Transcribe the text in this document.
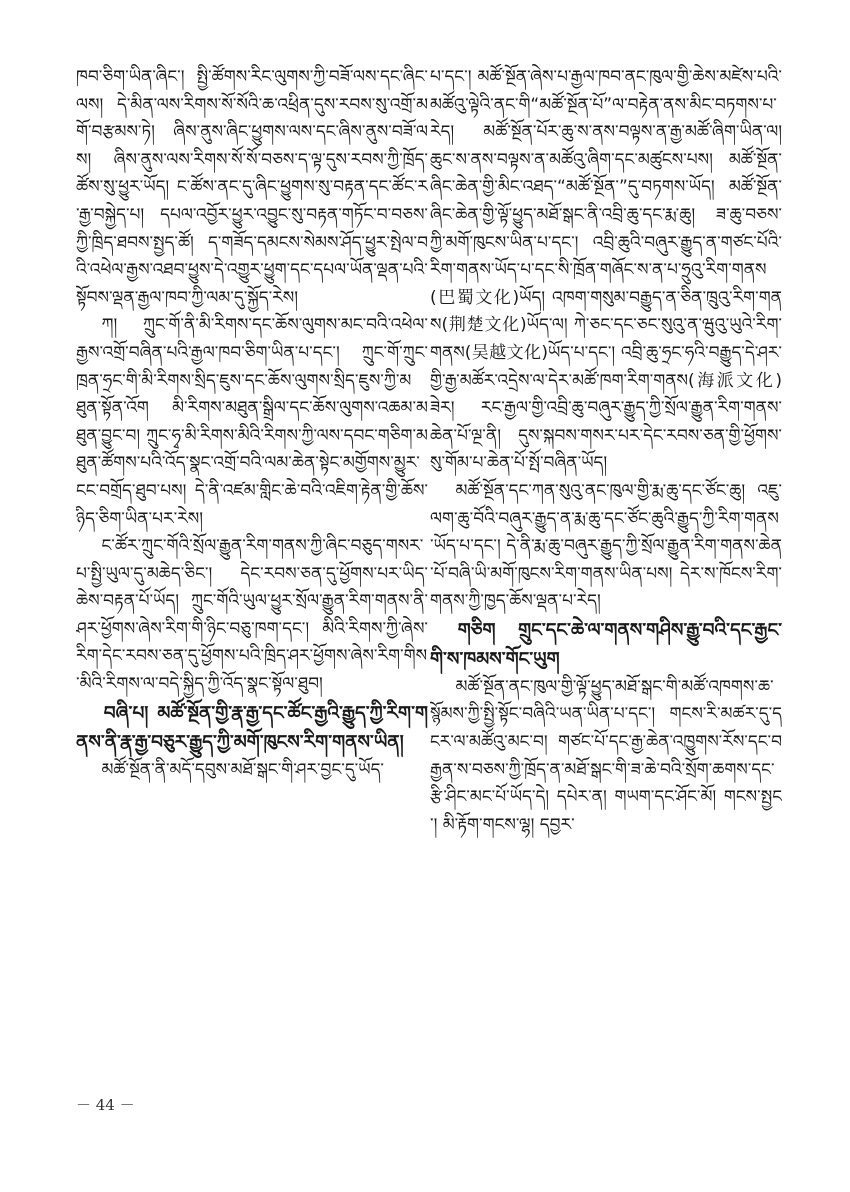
ཁབ་ཅིག་ཡིན་ཞིང་། སྤྱི་ཚོགས་རིང་ལུགས་ཀྱི་བཟོ་ལས་དང་ཞིང་ལས། དེ་མིན་ལས་རིགས་སོ་སོའི་ཆ་འཕྲིན་དུས་རབས་སུ་འགྲོ་མགོ་བརྩམས་ཏེ། ཞིས་ནུས་ཞིང་ཕྱུགས་ལས་དང་ཞིས་ནུས་བཟོ་ལས། ཞིས་ནུས་ལས་རིགས་སོ་སོ་བཅས་ད་ལྟ་དུས་རབས་ཀྱི་ཁྲོད་ཚོས་སུ་ཕྱུར་ཡོད། ང་ཚོས་ནང་དུ་ཞིང་ཕྱུགས་སུ་བརྟན་དང་ཚོང་ར་རྒྱ་བསྐྱེད་པ། དཔལ་འབྱོར་ཕྱུར་འབྱུང་སུ་བརྟན་གཏོང་བ་བཅས་ཀྱི་ཁྲིད་ཐབས་སྤྱད་ཚོ། ད་གཟོད་དམངས་སེམས་ཤོད་ཕྱུར་སྤེལ་བའི་འཕེལ་རྒྱས་འཐབ་ཕྱུས་དེ་འགྱུར་ཕྱུག་དང་དཔལ་ཡོན་ལྡན་པའི་སྟོབས་ལྡན་རྒྱལ་ཁབ་ཀྱི་ལམ་དུ་སྐྱོད་རེས།

ཀ། ཀྲུང་གོ་ནི་མི་རིགས་དང་ཆོས་ལུགས་མང་བའི་འཕེལ་རྒྱས་འགྲོ་བཞིན་པའི་རྒྱལ་ཁབ་ཅིག་ཡིན་པ་དང་། ཀྲུང་གོ་ཀྲུང་ཁྲན་ཧྲང་གི་མི་རིགས་སྲིད་ཇུས་དང་ཆོས་ལུགས་སྲིད་ཇུས་ཀྱི་མཐུན་སྟོན་འོག མི་རིགས་མཐུན་སྒྲིལ་དང་ཆོས་ལུགས་འཆམ་མཐུན་བྱུང་བ། ཀྲུང་ཧྭ་མི་རིགས་མིའི་རིགས་ཀྱི་ལས་དབང་གཅིག་མཐུན་ཚོགས་པའི་འོད་སྣང་འགྲོ་བའི་ལམ་ཆེན་སྟེང་མགྱོགས་མྱུར་ངང་བགྲོད་ཐུབ་པས། དེ་ནི་འཛམ་གླིང་ཆེ་བའི་འཇིག་རྟེན་གྱི་ཆོས་ཉིད་ཅིག་ཡིན་པར་རེས།

ང་ཚོར་ཀྲུང་གོའི་སྲོལ་རྒྱུན་རིག་གནས་ཀྱི་ཞིང་བཅུད་གསར་པ་སྤྱི་ཡུལ་དུ་མཆེད་ཅིང་། དེང་རབས་ཅན་དུ་ཕྱོགས་པར་ཡིད་ཆེས་བརྟན་པོ་ཡོད། ཀྲུང་གོའི་ཡུལ་ཕྱུར་སྲོལ་རྒྱུན་རིག་གནས་ནི་ཤར་ཕྱོགས་ཞེས་རིག་གི་ཉིང་བཅུ་ཁག་དང་། མིའི་རིགས་ཀྱི་ཞེས་རིག་དེང་རབས་ཅན་དུ་ཕྱོགས་པའི་ཁྲིད་ཤར་ཕྱོགས་ཞེས་རིག་གིས་མིའི་རིགས་ལ་བདེ་སྐྱིད་ཀྱི་འོད་སྣང་སྟོལ་ཐུབ།

བཞི་པ། མཚོ་སྔོན་གྱི་རྣ་རྒྱ་དང་ཚོང་རྒྱའི་རྒྱུད་ཀྱི་རིག་གནས་ནི་རྣ་རྒྱ་བཅུར་རྒྱུད་ཀྱི་མགོ་ཁུངས་རིག་གནས་ཡིན།

མཚོ་སྔོན་ནི་མདོ་དབུས་མཐོ་སྒང་གི་ཤར་བྱང་དུ་ཡོད་

པ་དང་། མཚོ་སྔོན་ཞེས་པ་རྒྱལ་ཁབ་ནང་ཁུལ་གྱི་ཆེས་མཛེས་པའི་མཚོའུ་ལྟེའི་ནང་གི“མཚོ་སྔོན་པོ”ལ་བརྟེན་ནས་མིང་བཏགས་པ་རེད། མཚོ་སྔོན་པོར་ཆུ་ས་ནས་བལྟས་ན་རྒྱ་མཚོ་ཞིག་ཡིན་ལ། ཆུང་ས་ནས་བལྟས་ན་མཚོའུ་ཞིག་དང་མཚུངས་པས། མཚོ་སྔོན་ཞིང་ཆེན་གྱི་མིང་འཐད་“མཚོ་སྔོན་”དུ་བཏགས་ཡོད། མཚོ་སྔོན་ཞིང་ཆེན་གྱི་ལྟོ་ཕྱུད་མཐོ་སྒང་ནི་འབྲི་ཆུ་དང་རྨ་ཆུ། ཟ་ཆུ་བཅས་ཀྱི་མགོ་ཁུངས་ཡིན་པ་དང་། འབྲི་ཆུའི་བཞུར་རྒྱུད་ན་གཙང་པོའི་རིག་གནས་ཡོད་པ་དང་སི་ཁྲོན་གཞོང་ས་ན་པ་ཧྲུའུ་རིག་གནས(巴蜀文化)ཡོད། འཁག་གསུམ་བརྒྱུད་ན་ཅིན་ཁྲུའུ་རིག་གནས(荆楚文化)ཡོད་ལ། ཀེ་ཅང་དང་ཅང་སུའུ་ན་ཝུའུ་ཡུའེ་རིག་གནས(吴越文化)ཡོད་པ་དང་། འབྲི་ཆུ་ཧྲང་ཧའི་བརྒྱུད་དེ་ཤར་གྱི་རྒྱ་མཚོར་འདྲེས་ལ་དེར་མཚོ་ཁག་རིག་གནས(海派文化)ཟེར། རང་རྒྱལ་གྱི་འབྲི་ཆུ་བཞུར་རྒྱུད་ཀྱི་སྲོལ་རྒྱུན་རིག་གནས་ཆེན་པོ་ལྔ་ནི། དུས་སྐབས་གསར་པར་དེང་རབས་ཅན་གྱི་ཕྱོགས་སུ་གོམ་པ་ཆེན་པོ་སྤོ་བཞིན་ཡོད།

མཚོ་སྔོན་དང་ཀན་སུའུ་ནང་ཁུལ་གྱི་རྨ་ཆུ་དང་ཙོང་ཆུ། འཇུ་ལག་ཆུ་བོའི་བཞུར་རྒྱུད་ན་རྨ་ཆུ་དང་ཙོང་ཆུའི་རྒྱུད་ཀྱི་རིག་གནས་ཡོད་པ་དང་། དེ་ནི་རྨ་ཆུ་བཞུར་རྒྱུད་ཀྱི་སྲོལ་རྒྱུན་རིག་གནས་ཆེན་པོ་བཞི་ཡི་མགོ་ཁུངས་རིག་གནས་ཡིན་པས། དེར་ས་ཁོངས་རིག་གནས་ཀྱི་ཁྱད་ཆོས་ལྡན་པ་རེད།

གཅིག གྲུང་དང་ཆེ་ལ་གནས་གཤིས་རྒྱུ་བའི་དང་རྒྱང་གི་ས་ཁམས་གོང་ཡུག

མཚོ་སྔོན་ནང་ཁུལ་གྱི་ལྟོ་ཕྱུད་མཐོ་སྒང་གི་མཚོ་འཁགས་ཆ་སྙོམས་ཀྱི་སྤྱི་སྟོང་བཞིའི་ཡན་ཡིན་པ་དང་། གངས་རི་མཚར་དུ་དངར་ལ་མཚོའུ་མང་བ། གཙང་པོ་དང་རྒྱ་ཆེན་འཁྱུགས་རོས་དང་བརྒྱན་ས་བཅས་ཀྱི་ཁྲོད་ན་མཐོ་སྒང་གི་ཟ་ཆེ་བའི་སྲོག་ཆགས་དང་རྩི་ཤིང་མང་པོ་ཡོད་དེ། དཔེར་ན། གཡག་དང་ཤོང་མོ། གངས་སྤྱང་། མི་རྟོག་གངས་ལྷ། དབྱར་

－ 44 －
